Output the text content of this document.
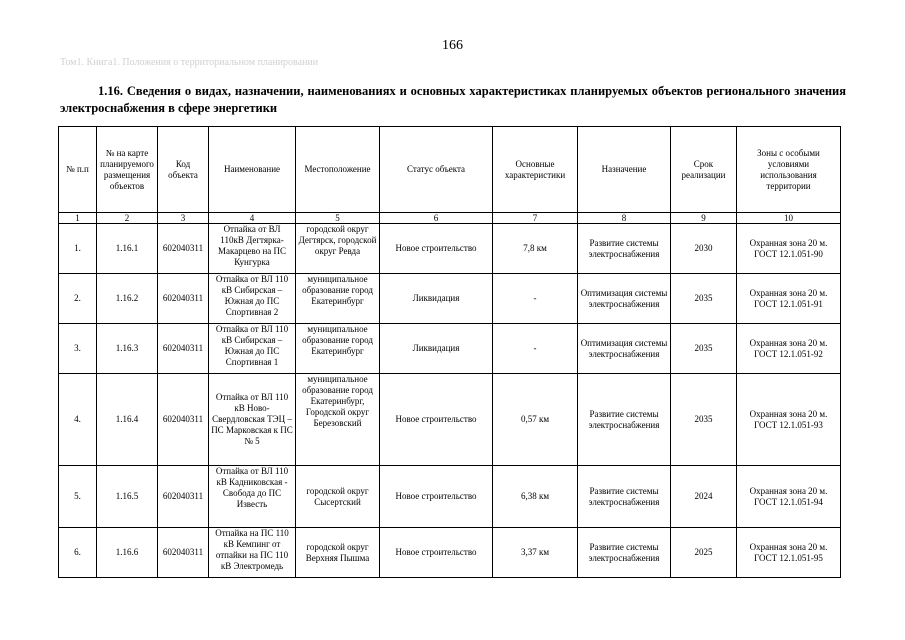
166
Том1. Книга1. Положения о территориальном планировании
1.16. Сведения о видах, назначении, наименованиях и основных характеристиках планируемых объектов регионального значения электроснабжения в сфере энергетики
№ п.п	№ на карте планируемого размещения объектов	Код объекта	Наименование	Местоположение	Статус объекта	Основные характеристики	Назначение	Срок реализации	Зоны с особыми условиями использования территории
1	2	3	4	5	6	7	8	9	10
1.	1.16.1	602040311	Отпайка от ВЛ 110кВ Дегтярка-Макарцево на ПС Кунгурка	городской округ Дегтярск, городской округ Ревда	Новое строительство	7,8 км	Развитие системы электроснабжения	2030	Охранная зона 20 м. ГОСТ 12.1.051-90
2.	1.16.2	602040311	Отпайка от ВЛ 110 кВ Сибирская – Южная до ПС Спортивная 2	муниципальное образование город Екатеринбург	Ликвидация	-	Оптимизация системы электроснабжения	2035	Охранная зона 20 м. ГОСТ 12.1.051-91
3.	1.16.3	602040311	Отпайка от ВЛ 110 кВ Сибирская – Южная до ПС Спортивная 1	муниципальное образование город Екатеринбург	Ликвидация	-	Оптимизация системы электроснабжения	2035	Охранная зона 20 м. ГОСТ 12.1.051-92
4.	1.16.4	602040311	Отпайка от ВЛ 110 кВ Ново-Свердловская ТЭЦ – ПС Марковская к ПС № 5	муниципальное образование город Екатеринбург, Городской округ Березовский	Новое строительство	0,57 км	Развитие системы электроснабжения	2035	Охранная зона 20 м. ГОСТ 12.1.051-93
5.	1.16.5	602040311	Отпайка от ВЛ 110 кВ Кадниковская - Свобода до ПС Известь	городской округ Сысертский	Новое строительство	6,38 км	Развитие системы электроснабжения	2024	Охранная зона 20 м. ГОСТ 12.1.051-94
6.	1.16.6	602040311	Отпайка на ПС 110 кВ Кемпинг от отпайки на ПС 110 кВ Электромедь	городской округ Верхняя Пышма	Новое строительство	3,37 км	Развитие системы электроснабжения	2025	Охранная зона 20 м. ГОСТ 12.1.051-95
